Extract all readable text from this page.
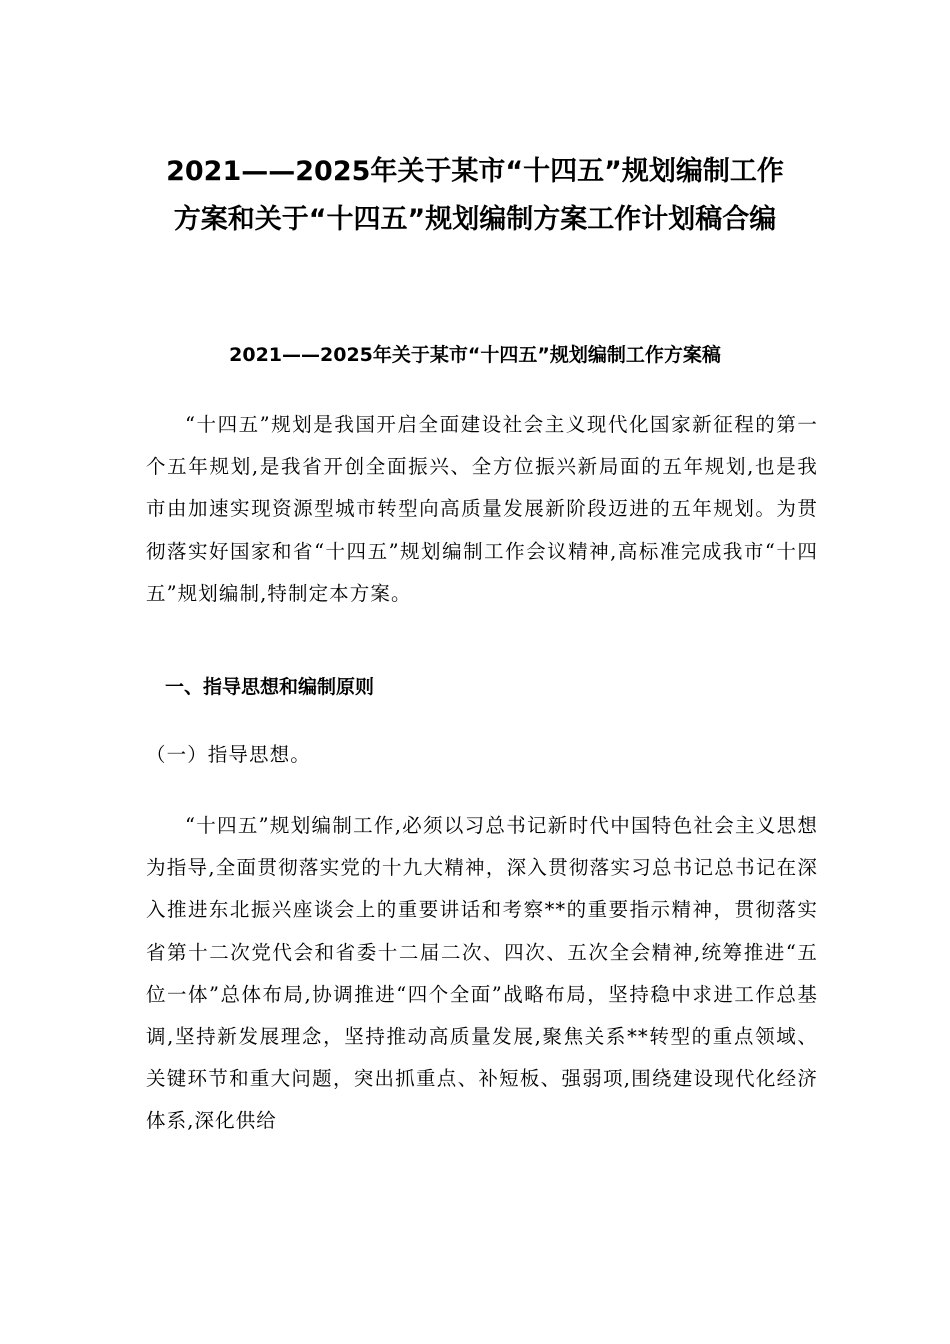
2021——2025年关于某市“十四五”规划编制工作
方案和关于“十四五”规划编制方案工作计划稿合编
2021——2025年关于某市“十四五”规划编制工作方案稿

“十四五”规划是我国开启全面建设社会主义现代化国家新征程的第一个五年规划,是我省开创全面振兴、全方位振兴新局面的五年规划,也是我市由加速实现资源型城市转型向高质量发展新阶段迈进的五年规划。为贯彻落实好国家和省“十四五”规划编制工作会议精神,高标准完成我市“十四五”规划编制,特制定本方案。

一、指导思想和编制原则
（一）指导思想。

“十四五”规划编制工作,必须以习总书记新时代中国特色社会主义思想为指导,全面贯彻落实党的十九大精神，深入贯彻落实习总书记总书记在深入推进东北振兴座谈会上的重要讲话和考察**的重要指示精神，贯彻落实省第十二次党代会和省委十二届二次、四次、五次全会精神,统筹推进“五位一体”总体布局,协调推进“四个全面”战略布局，坚持稳中求进工作总基调,坚持新发展理念，坚持推动高质量发展,聚焦关系**转型的重点领域、关键环节和重大问题，突出抓重点、补短板、强弱项,围绕建设现代化经济体系,深化供给
